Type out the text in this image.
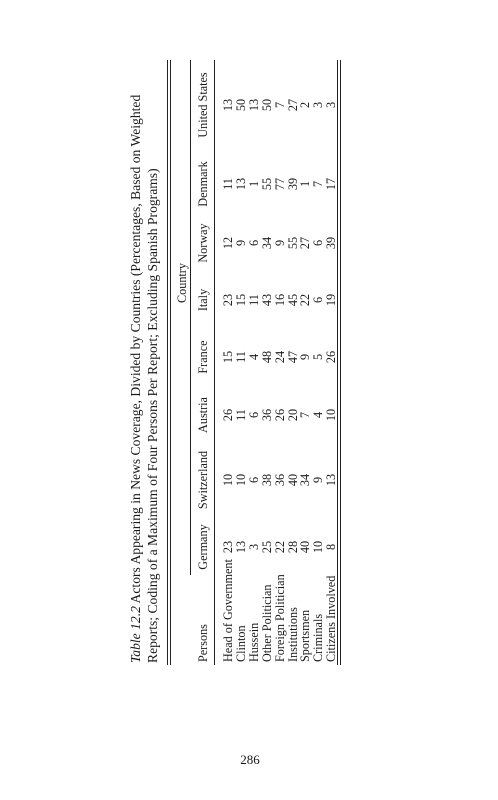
Table 12.2 Actors Appearing in News Coverage, Divided by Countries (Percentages, Based on Weighted Reports; Coding of a Maximum of Four Persons Per Report; Excluding Spanish Programs) Country
Persons
Germany
Switzerland
Austria
France
Italy
Norway
Denmark
United States
Head of Government
23
10
26
15
23
12
11
13
Clinton
13
10
11
11
15
9
13
50
Hussein
3
6
6
4
11
6
1
13
Other Politician
25
38
36
48
43
34
55
50
Foreign Politician
22
36
26
24
16
9
77
7
Institutions
28
40
20
47
45
55
39
27
Sportsmen
40
34
7
9
22
27
1
2
Criminals
10
9
4
5
6
6
7
3
Citizens Involved
8
13
10
26
19
39
17
3
286
